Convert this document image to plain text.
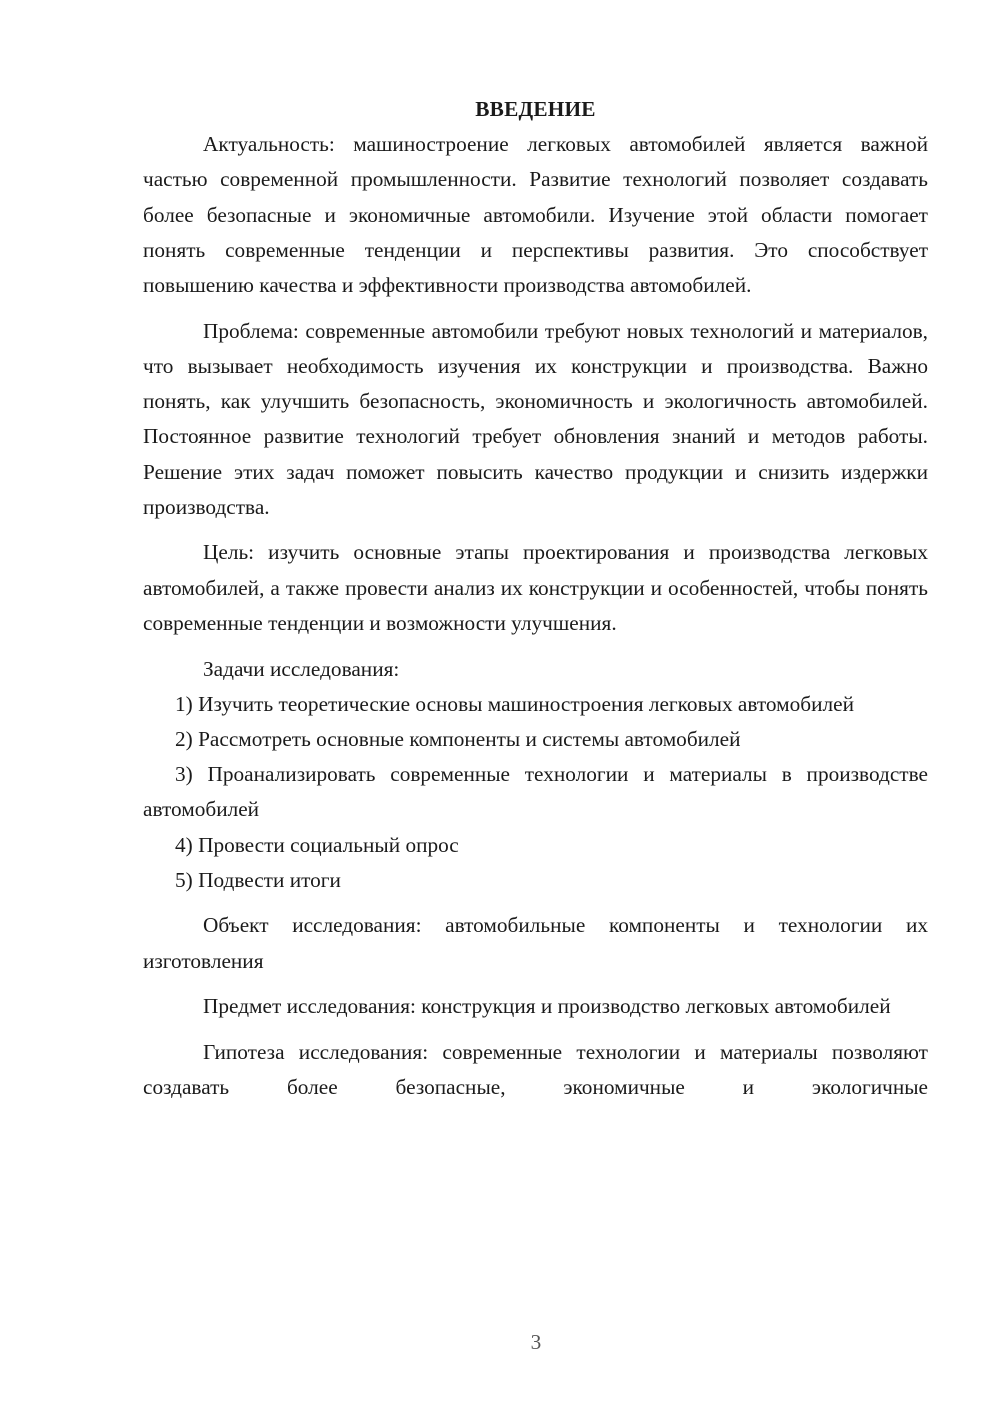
ВВЕДЕНИЕ

Актуальность: машиностроение легковых автомобилей является важной частью современной промышленности. Развитие технологий позволяет создавать более безопасные и экономичные автомобили. Изучение этой области помогает понять современные тенденции и перспективы развития. Это способствует повышению качества и эффективности производства автомобилей.

Проблема: современные автомобили требуют новых технологий и материалов, что вызывает необходимость изучения их конструкции и производства. Важно понять, как улучшить безопасность, экономичность и экологичность автомобилей. Постоянное развитие технологий требует обновления знаний и методов работы. Решение этих задач поможет повысить качество продукции и снизить издержки производства.

Цель: изучить основные этапы проектирования и производства легковых автомобилей, а также провести анализ их конструкции и особенностей, чтобы понять современные тенденции и возможности улучшения.

Задачи исследования:

1) Изучить теоретические основы машиностроения легковых автомобилей

2) Рассмотреть основные компоненты и системы автомобилей

3) Проанализировать современные технологии и материалы в производстве автомобилей

4) Провести социальный опрос

5) Подвести итоги

Объект исследования: автомобильные компоненты и технологии их изготовления

Предмет исследования: конструкция и производство легковых автомобилей

Гипотеза исследования: современные технологии и материалы позволяют создавать более безопасные, экономичные и экологичные

3
